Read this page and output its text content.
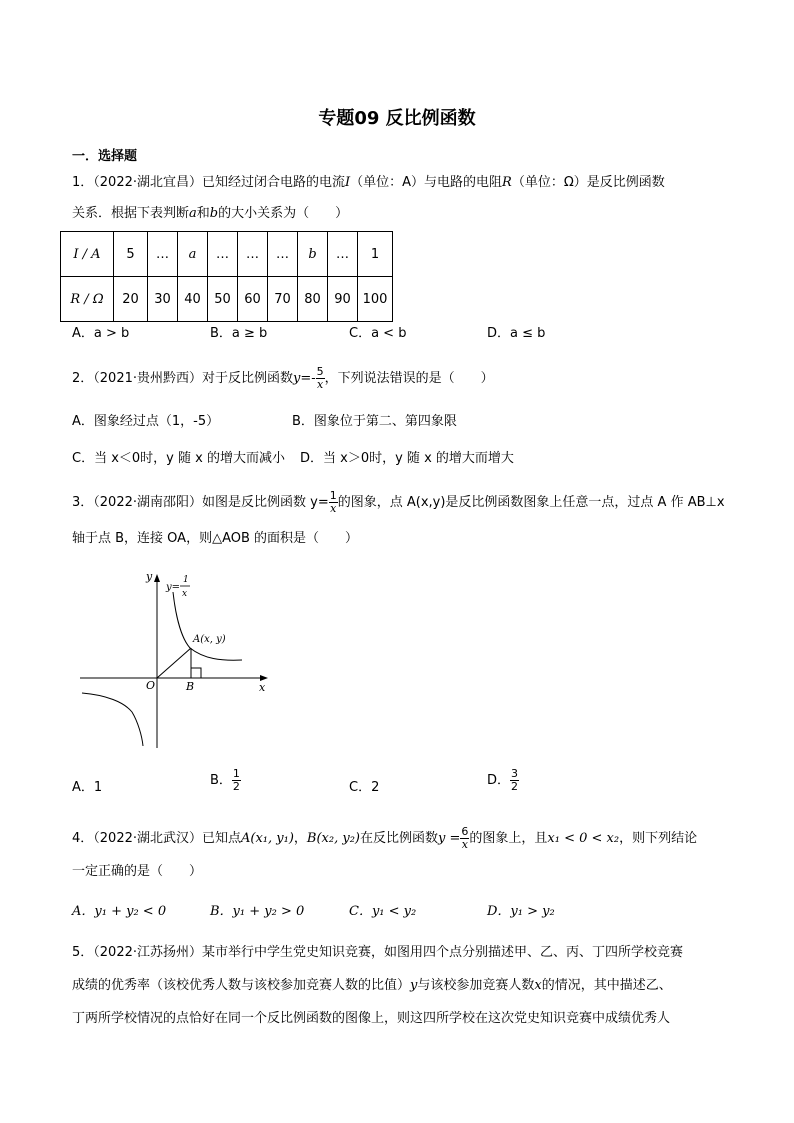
专题09 反比例函数
一．选择题
1．（2022·湖北宜昌）已知经过闭合电路的电流I（单位：A）与电路的电阻R（单位：Ω）是反比例函数
关系．根据下表判断a和b的大小关系为（　　）
I / A	5	…	a	…	…	…	b	…	1
R / Ω	20	30	40	50	60	70	80	90	100
A．a > b	B．a ≥ b	C．a < b	D．a ≤ b
2．（2021·贵州黔西）对于反比例函数$y=- \frac{5}{x}$ ，下列说法错误的是（　　）
A．图象经过点（1，-5）	B．图象位于第二、第四象限
C．当 x＜0时，y 随 x 的增大而减小 D．当 x＞0时，y 随 x 的增大而增大
3．（2022·湖南邵阳）如图是反比例函数 $y= \frac{1}{x}$ 的图象，点 A(x,y)是反比例函数图象上任意一点，过点 A 作 AB⊥x
轴于点 B，连接 OA，则△AOB 的面积是（　　）
y
x
y=
1
x
A(x, y)
O	B
A．1	B． $\frac{1}{2}$	C．2	D． $\frac{3}{2}$
4．（2022·湖北武汉）已知点A(x₁, y₁)，B(x₂, y₂)在反比例函数$y = \frac{6}{x}$ 的图象上，且x₁ < 0 < x₂，则下列结论
一定正确的是（　　）
A．y₁ + y₂ < 0	B．y₁ + y₂ > 0	C．y₁ < y₂	D．y₁ > y₂
5．（2022·江苏扬州）某市举行中学生党史知识竞赛，如图用四个点分别描述甲、乙、丙、丁四所学校竞赛
成绩的优秀率（该校优秀人数与该校参加竞赛人数的比值）y与该校参加竞赛人数x的情况，其中描述乙、
丁两所学校情况的点恰好在同一个反比例函数的图像上，则这四所学校在这次党史知识竞赛中成绩优秀人
